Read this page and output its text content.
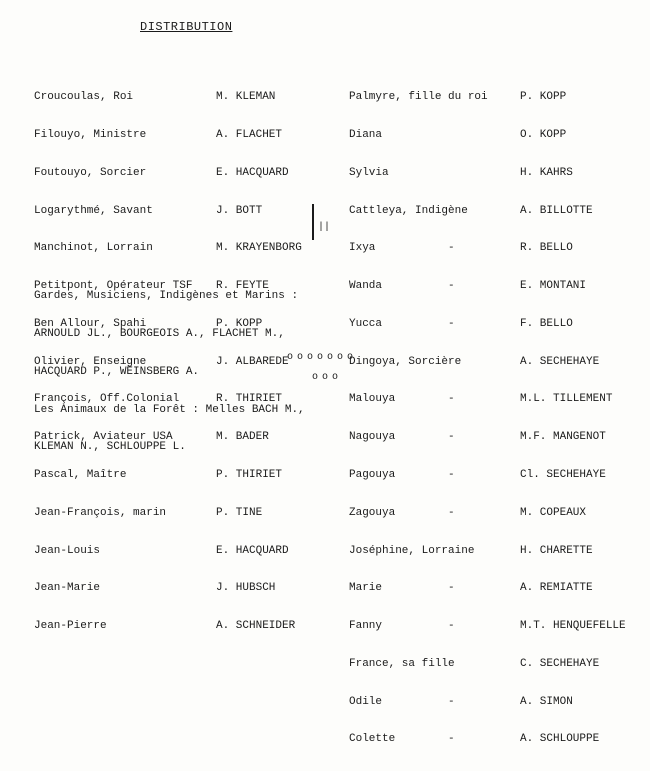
DISTRIBUTION

Croucoulas, Roi

Filouyo, Ministre

Foutouyo, Sorcier

Logarythmé, Savant

Manchinot, Lorrain

Petitpont, Opérateur TSF

Ben Allour, Spahi

Olivier, Enseigne

François, Off.Colonial

Patrick, Aviateur USA

Pascal, Maître

Jean-François, marin

Jean-Louis

Jean-Marie

Jean-Pierre

M. KLEMAN

A. FLACHET

E. HACQUARD

J. BOTT

M. KRAYENBORG

R. FEYTE

P. KOPP

J. ALBAREDE

R. THIRIET

M. BADER

P. THIRIET

P. TINE

E. HACQUARD

J. HUBSCH

A. SCHNEIDER

||

Palmyre, fille du roi

Diana

Sylvia

Cattleya, Indigène

Ixya           -

Wanda          -

Yucca          -

Dingoya, Sorcière

Malouya        -

Nagouya        -

Pagouya        -

Zagouya        -

Joséphine, Lorraine

Marie          -

Fanny          -

France, sa fille

Odile          -

Colette        -

P. KOPP

O. KOPP

H. KAHRS

A. BILLOTTE

R. BELLO

E. MONTANI

F. BELLO

A. SECHEHAYE

M.L. TILLEMENT

M.F. MANGENOT

Cl. SECHEHAYE

M. COPEAUX

H. CHARETTE

A. REMIATTE

M.T. HENQUEFELLE

C. SECHEHAYE

A. SIMON

A. SCHLOUPPE

Gardes, Musiciens, Indigènes et Marins :

ARNOULD JL., BOURGEOIS A., FLACHET M.,

HACQUARD P., WEINSBERG A.

Les Animaux de la Forêt : Melles BACH M.,

KLEMAN N., SCHLOUPPE L.

ooooooo
ooo
